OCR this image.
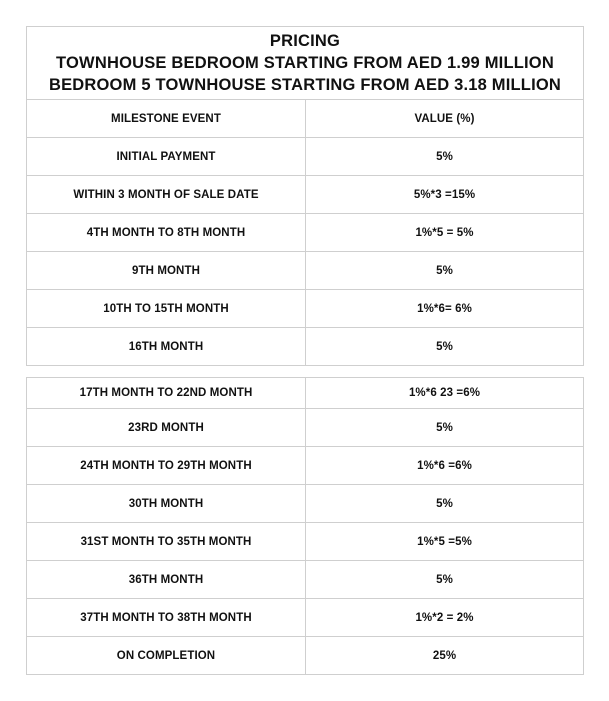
PRICING
TOWNHOUSE BEDROOM STARTING FROM AED 1.99 MILLION
BEDROOM 5 TOWNHOUSE STARTING FROM AED 3.18 MILLION	

MILESTONE EVENT	VALUE (%)
INITIAL PAYMENT	5%
WITHIN 3 MONTH OF SALE DATE	5%*3 =15%
4TH MONTH TO 8TH MONTH	1%*5 = 5%
9TH MONTH	5%
10TH TO 15TH MONTH	1%*6= 6%
16TH MONTH	5%
17TH MONTH TO 22ND MONTH	1%*6 23 =6%
23RD MONTH	5%
24TH MONTH TO 29TH MONTH	1%*6 =6%
30TH MONTH	5%
31ST MONTH TO 35TH MONTH	1%*5 =5%
36TH MONTH	5%
37TH MONTH TO 38TH MONTH	1%*2 = 2%
ON COMPLETION	25%
